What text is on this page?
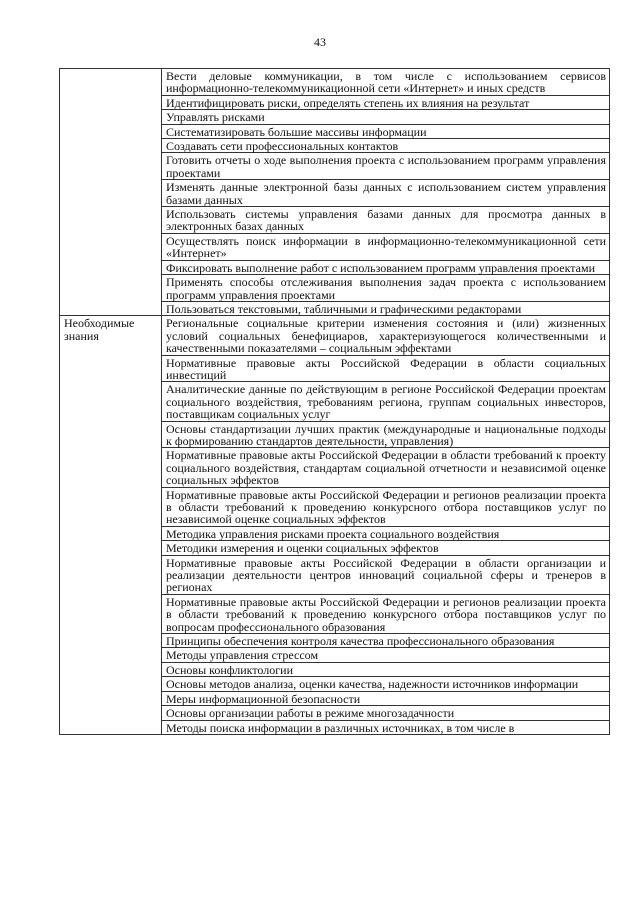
43
	Вести деловые коммуникации, в том числе с использованием сервисов информационно-телекоммуникационной сети «Интернет» и иных средств
	Идентифицировать риски, определять степень их влияния на результат
	Управлять рисками
	Систематизировать большие массивы информации
	Создавать сети профессиональных контактов
	Готовить отчеты о ходе выполнения проекта с использованием программ управления проектами
	Изменять данные электронной базы данных с использованием систем управления базами данных
	Использовать системы управления базами данных для просмотра данных в электронных базах данных
	Осуществлять поиск информации в информационно-телекоммуникационной сети «Интернет»
	Фиксировать выполнение работ с использованием программ управления проектами
	Применять способы отслеживания выполнения задач проекта с использованием программ управления проектами
	Пользоваться текстовыми, табличными и графическими редакторами
Необходимые знания	Региональные социальные критерии изменения состояния и (или) жизненных условий социальных бенефициаров, характеризующегося количественными и качественными показателями – социальным эффектами
	Нормативные правовые акты Российской Федерации в области социальных инвестиций
	Аналитические данные по действующим в регионе Российской Федерации проектам социального воздействия, требованиям региона, группам социальных инвесторов, поставщикам социальных услуг
	Основы стандартизации лучших практик (международные и национальные подходы к формированию стандартов деятельности, управления)
	Нормативные правовые акты Российской Федерации в области требований к проекту социального воздействия, стандартам социальной отчетности и независимой оценке социальных эффектов
	Нормативные правовые акты Российской Федерации и регионов реализации проекта в области требований к проведению конкурсного отбора поставщиков услуг по независимой оценке социальных эффектов
	Методика управления рисками проекта социального воздействия
	Методики измерения и оценки социальных эффектов
	Нормативные правовые акты Российской Федерации в области организации и реализации деятельности центров инноваций социальной сферы и тренеров в регионах
	Нормативные правовые акты Российской Федерации и регионов реализации проекта в области требований к проведению конкурсного отбора поставщиков услуг по вопросам профессионального образования
	Принципы обеспечения контроля качества профессионального образования
	Методы управления стрессом
	Основы конфликтологии
	Основы методов анализа, оценки качества, надежности источников информации
	Меры информационной безопасности
	Основы организации работы в режиме многозадачности
	Методы поиска информации в различных источниках, в том числе в
